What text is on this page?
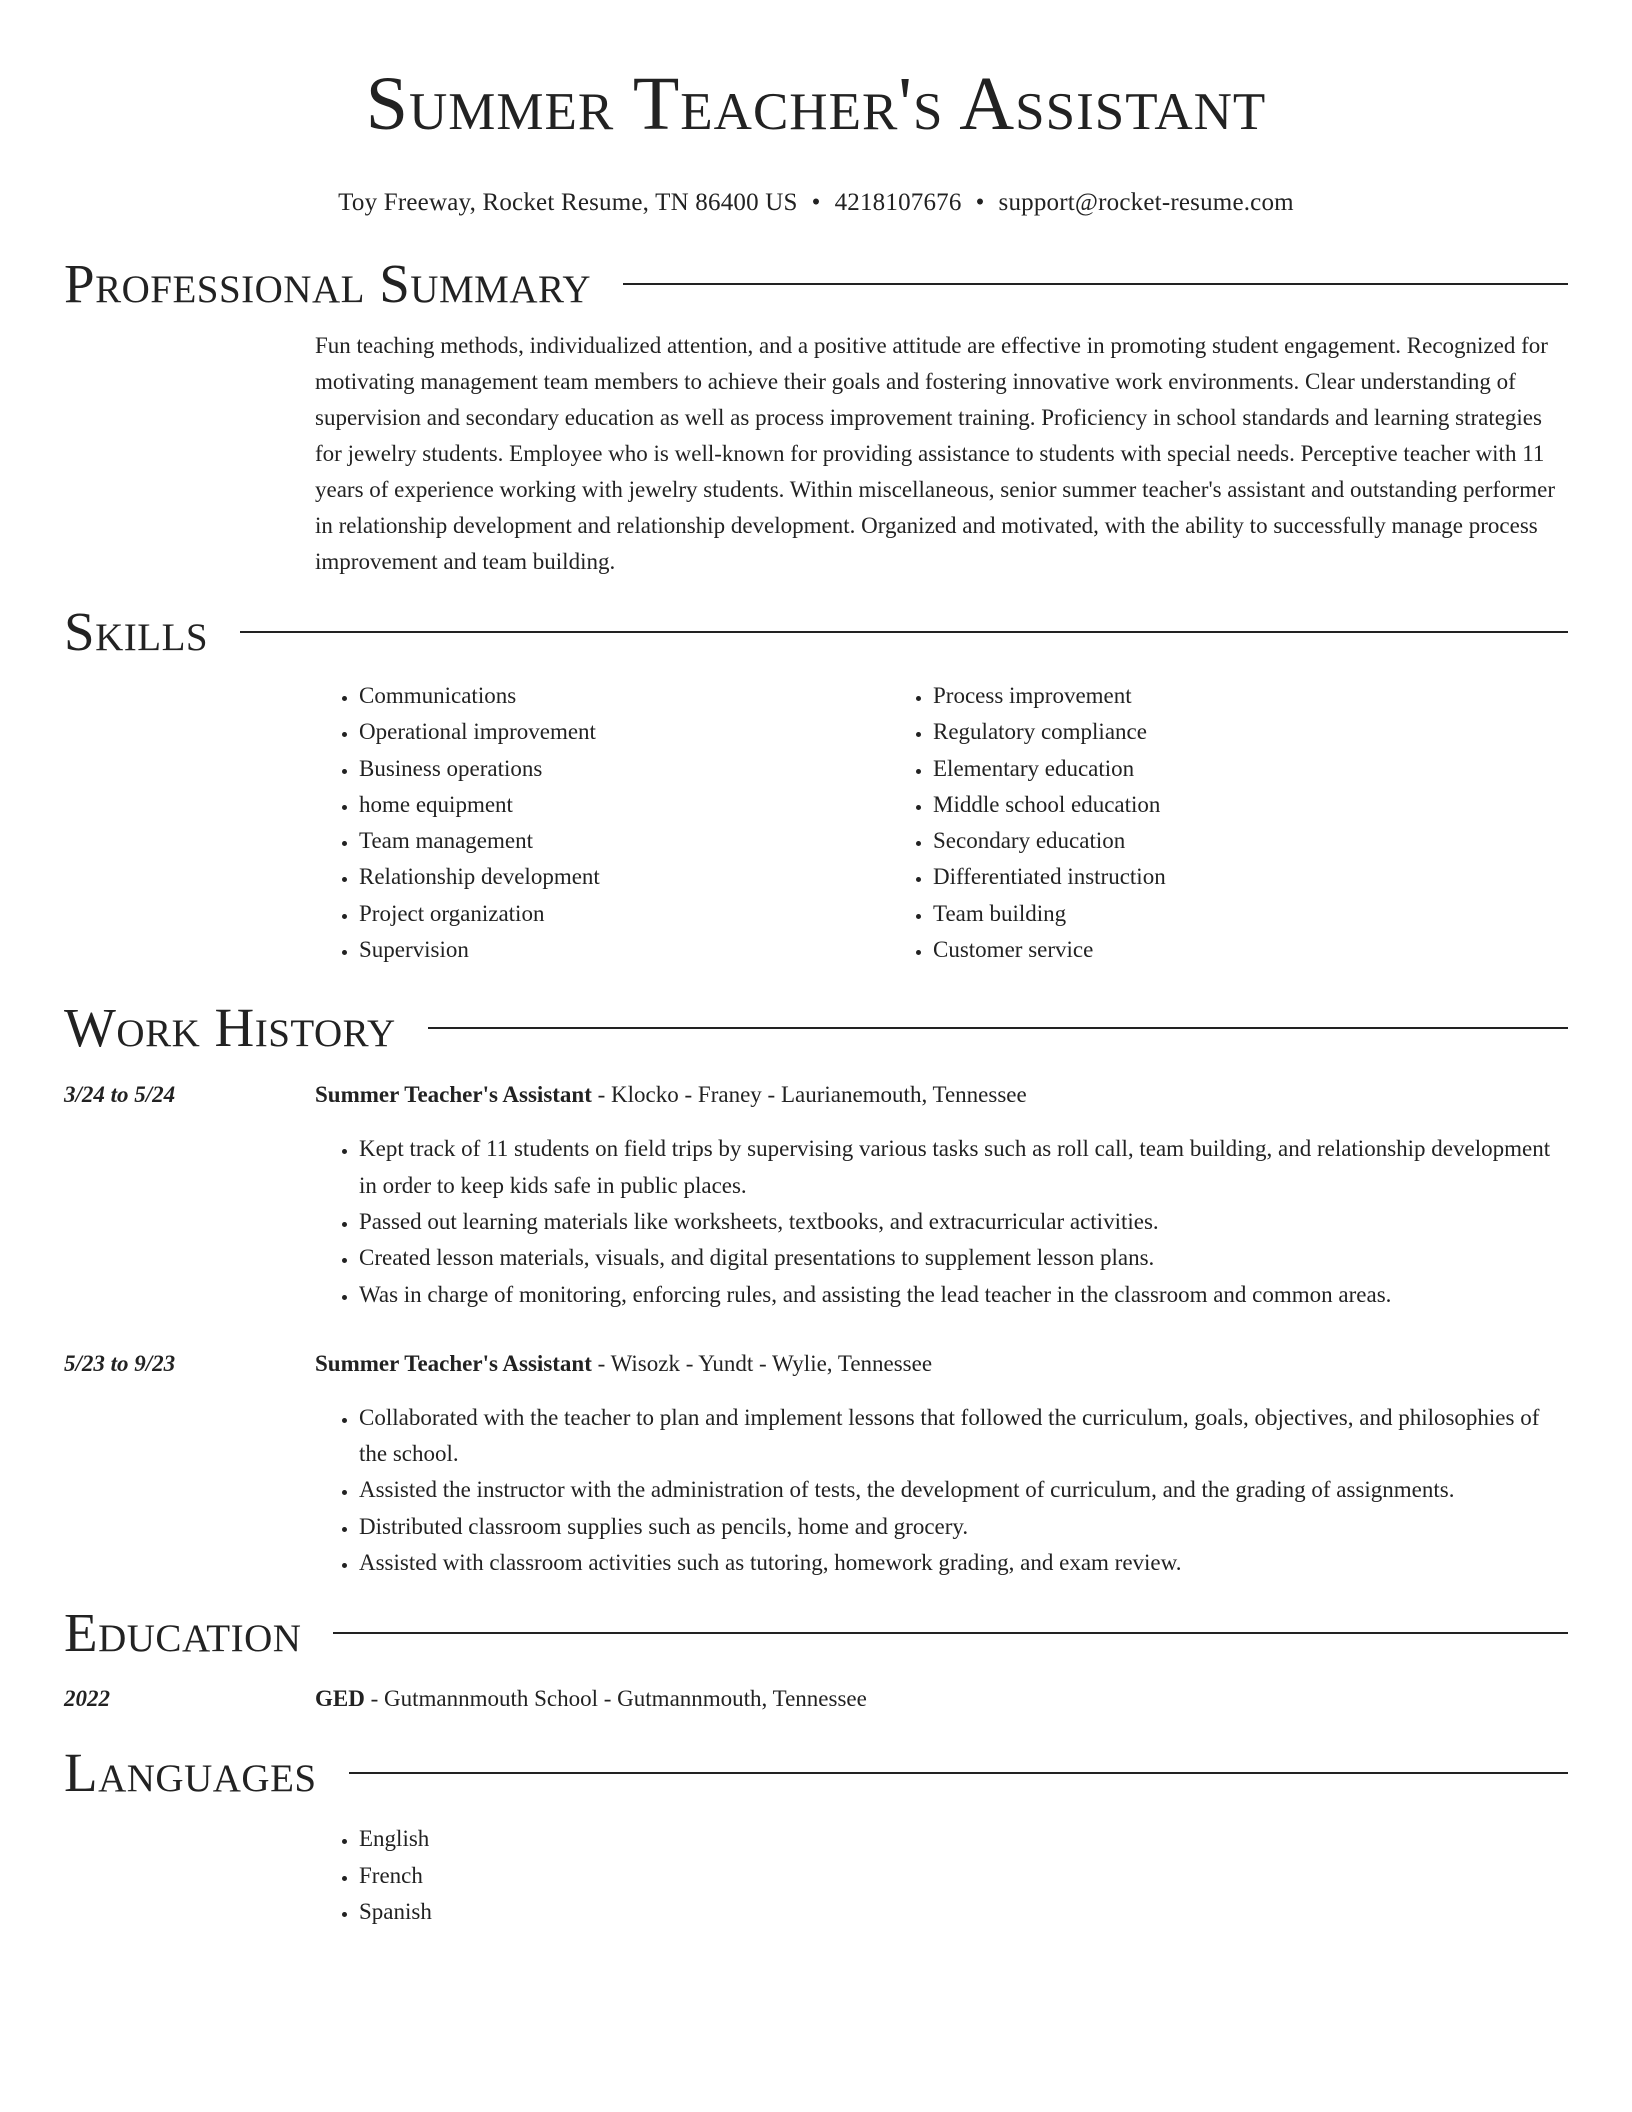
Summer Teacher's Assistant
Toy Freeway, Rocket Resume, TN 86400 US • 4218107676 • support@rocket-resume.com
Professional Summary
Fun teaching methods, individualized attention, and a positive attitude are effective in promoting student engagement. Recognized for motivating management team members to achieve their goals and fostering innovative work environments. Clear understanding of supervision and secondary education as well as process improvement training. Proficiency in school standards and learning strategies for jewelry students. Employee who is well-known for providing assistance to students with special needs. Perceptive teacher with 11 years of experience working with jewelry students. Within miscellaneous, senior summer teacher's assistant and outstanding performer in relationship development and relationship development. Organized and motivated, with the ability to successfully manage process improvement and team building.
Skills
• Communications
• Operational improvement
• Business operations
• home equipment
• Team management
• Relationship development
• Project organization
• Supervision
• Process improvement
• Regulatory compliance
• Elementary education
• Middle school education
• Secondary education
• Differentiated instruction
• Team building
• Customer service
Work History
3/24 to 5/24	Summer Teacher's Assistant - Klocko - Franey - Laurianemouth, Tennessee
• Kept track of 11 students on field trips by supervising various tasks such as roll call, team building, and relationship development in order to keep kids safe in public places.
• Passed out learning materials like worksheets, textbooks, and extracurricular activities.
• Created lesson materials, visuals, and digital presentations to supplement lesson plans.
• Was in charge of monitoring, enforcing rules, and assisting the lead teacher in the classroom and common areas.
5/23 to 9/23	Summer Teacher's Assistant - Wisozk - Yundt - Wylie, Tennessee
• Collaborated with the teacher to plan and implement lessons that followed the curriculum, goals, objectives, and philosophies of the school.
• Assisted the instructor with the administration of tests, the development of curriculum, and the grading of assignments.
• Distributed classroom supplies such as pencils, home and grocery.
• Assisted with classroom activities such as tutoring, homework grading, and exam review.
Education
2022	GED - Gutmannmouth School - Gutmannmouth, Tennessee
Languages
• English
• French
• Spanish
